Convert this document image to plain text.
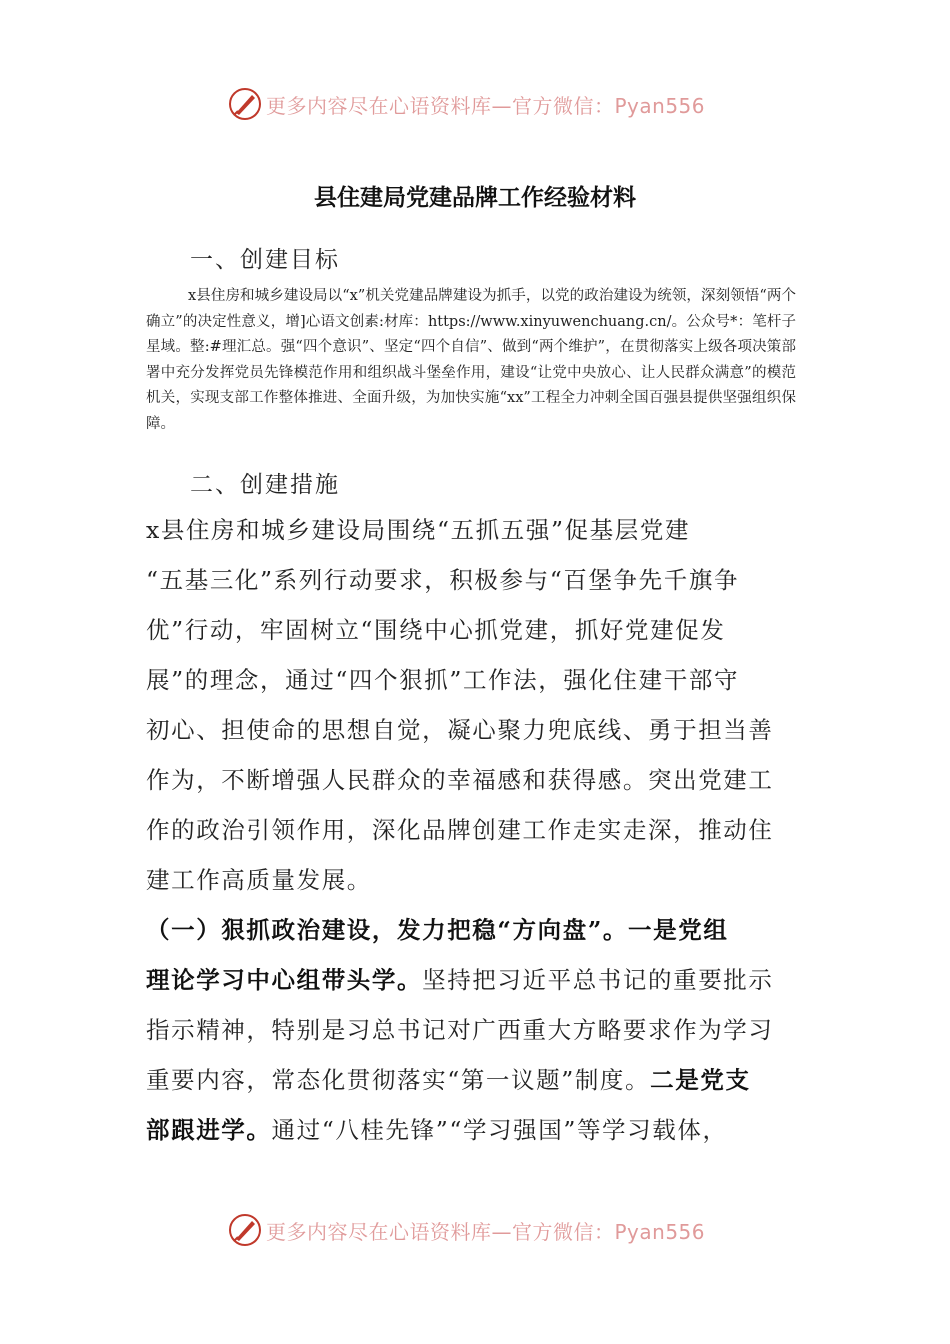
更多内容尽在心语资料库—官方微信：Pyan556
县住建局党建品牌工作经验材料
一、创建目标
x县住房和城乡建设局以“x”机关党建品牌建设为抓手，以党的政治建设为统领，深刻领悟“两个确立”的决定性意义，增]心语文创素:材库：https://www.xinyuwenchuang.cn/。公众号*：笔杆子星域。整:#理汇总。强“四个意识”、坚定“四个自信”、做到“两个维护”，在贯彻落实上级各项决策部署中充分发挥党员先锋模范作用和组织战斗堡垒作用，建设“让党中央放心、让人民群众满意”的模范机关，实现支部工作整体推进、全面升级，为加快实施“xx”工程全力冲刺全国百强县提供坚强组织保障。
二、创建措施
x县住房和城乡建设局围绕“五抓五强”促基层党建
“五基三化”系列行动要求，积极参与“百堡争先千旗争
优”行动，牢固树立“围绕中心抓党建，抓好党建促发
展”的理念，通过“四个狠抓”工作法，强化住建干部守
初心、担使命的思想自觉，凝心聚力兜底线、勇于担当善
作为，不断增强人民群众的幸福感和获得感。突出党建工
作的政治引领作用，深化品牌创建工作走实走深，推动住
建工作高质量发展。
（一）狠抓政治建设，发力把稳“方向盘”。一是党组
理论学习中心组带头学。坚持把习近平总书记的重要批示
指示精神，特别是习总书记对广西重大方略要求作为学习
重要内容，常态化贯彻落实“第一议题”制度。二是党支
部跟进学。通过“八桂先锋”“学习强国”等学习载体，
更多内容尽在心语资料库—官方微信：Pyan556
